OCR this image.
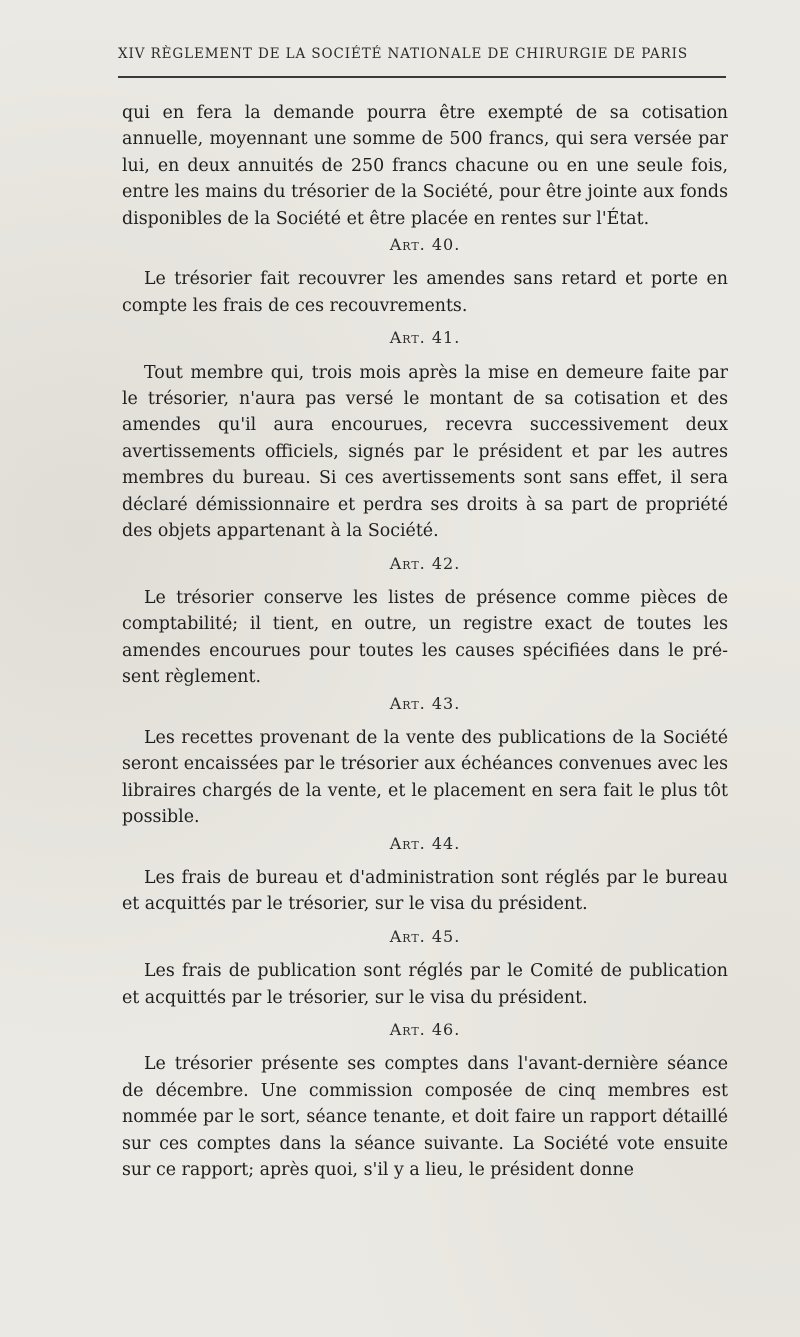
XIV RÈGLEMENT DE LA SOCIÉTÉ NATIONALE DE CHIRURGIE DE PARIS

qui en fera la demande pourra être exempté de sa cotisation annuelle, moyennant une somme de 500 francs, qui sera versée par lui, en deux annuités de 250 francs chacune ou en une seule fois, entre les mains du trésorier de la Société, pour être jointe aux fonds disponibles de la Société et être placée en rentes sur l'État.

Art. 40.

Le trésorier fait recouvrer les amendes sans retard et porte en compte les frais de ces recouvrements.

Art. 41.

Tout membre qui, trois mois après la mise en demeure faite par le trésorier, n'aura pas versé le montant de sa cotisation et des amendes qu'il aura encourues, recevra successivement deux avertissements officiels, signés par le président et par les autres membres du bureau. Si ces avertissements sont sans effet, il sera déclaré démissionnaire et perdra ses droits à sa part de propriété des objets appartenant à la Société.

Art. 42.

Le trésorier conserve les listes de présence comme pièces de comptabilité; il tient, en outre, un registre exact de toutes les amendes encourues pour toutes les causes spécifiées dans le pré-sent règlement.

Art. 43.

Les recettes provenant de la vente des publications de la Société seront encaissées par le trésorier aux échéances convenues avec les libraires chargés de la vente, et le placement en sera fait le plus tôt possible.

Art. 44.

Les frais de bureau et d'administration sont réglés par le bureau et acquittés par le trésorier, sur le visa du président.

Art. 45.

Les frais de publication sont réglés par le Comité de publication et acquittés par le trésorier, sur le visa du président.

Art. 46.

Le trésorier présente ses comptes dans l'avant-dernière séance de décembre. Une commission composée de cinq membres est nommée par le sort, séance tenante, et doit faire un rapport détaillé sur ces comptes dans la séance suivante. La Société vote ensuite sur ce rapport; après quoi, s'il y a lieu, le président donne
